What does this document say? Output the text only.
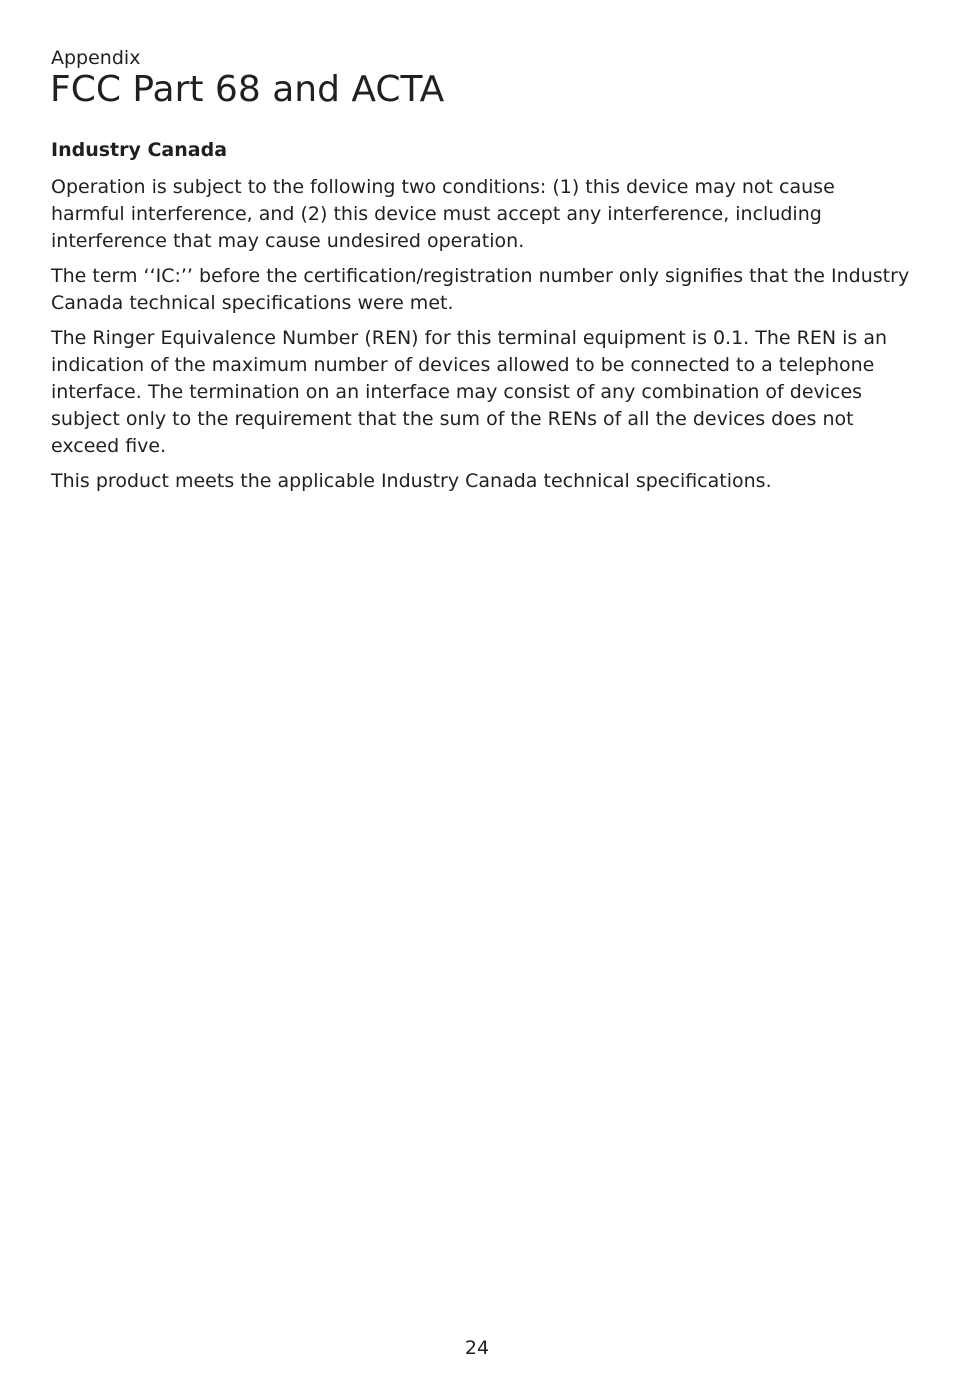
Appendix
FCC Part 68 and ACTA
Industry Canada

Operation is subject to the following two conditions: (1) this device may not cause harmful interference, and (2) this device must accept any interference, including interference that may cause undesired operation.

The term ‘‘IC:’’ before the certification/registration number only signifies that the Industry Canada technical specifications were met.

The Ringer Equivalence Number (REN) for this terminal equipment is 0.1. The REN is an indication of the maximum number of devices allowed to be connected to a telephone interface. The termination on an interface may consist of any combination of devices subject only to the requirement that the sum of the RENs of all the devices does not exceed five.

This product meets the applicable Industry Canada technical specifications.

24
